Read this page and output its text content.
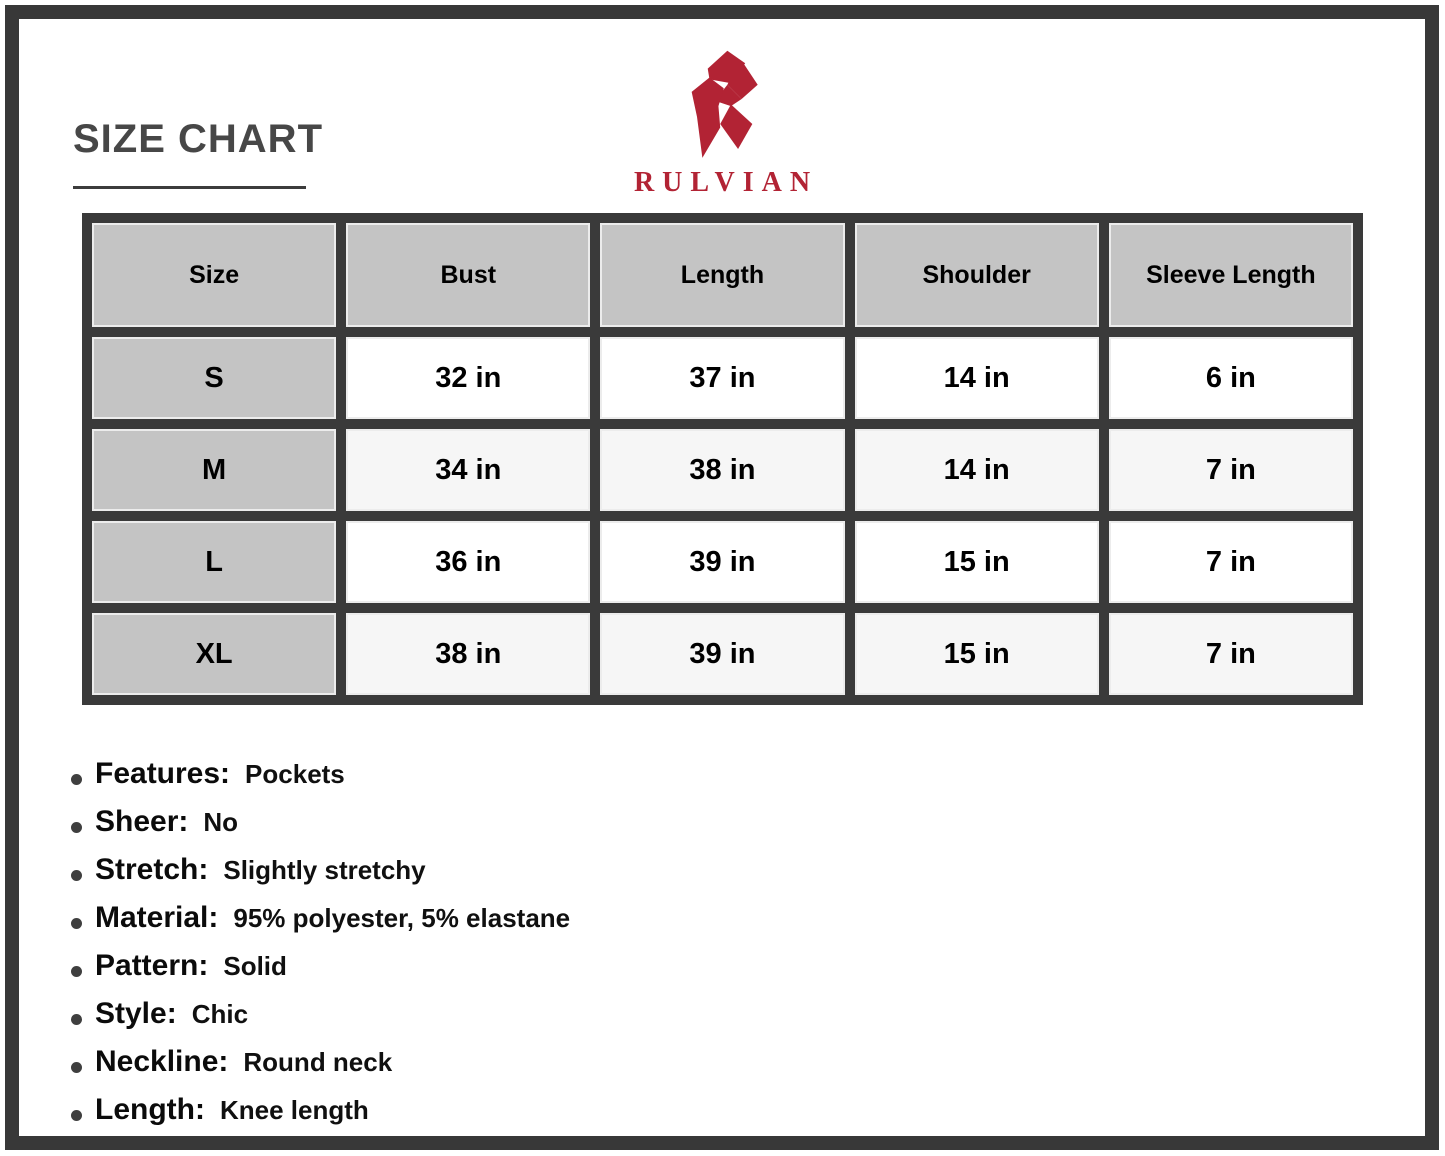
SIZE CHART
RULVIAN
Size	Bust	Length	Shoulder	Sleeve Length
S	32 in	37 in	14 in	6 in
M	34 in	38 in	14 in	7 in
L	36 in	39 in	15 in	7 in
XL	38 in	39 in	15 in	7 in
Features: Pockets
Sheer: No
Stretch: Slightly stretchy
Material: 95% polyester, 5% elastane
Pattern: Solid
Style: Chic
Neckline: Round neck
Length: Knee length
